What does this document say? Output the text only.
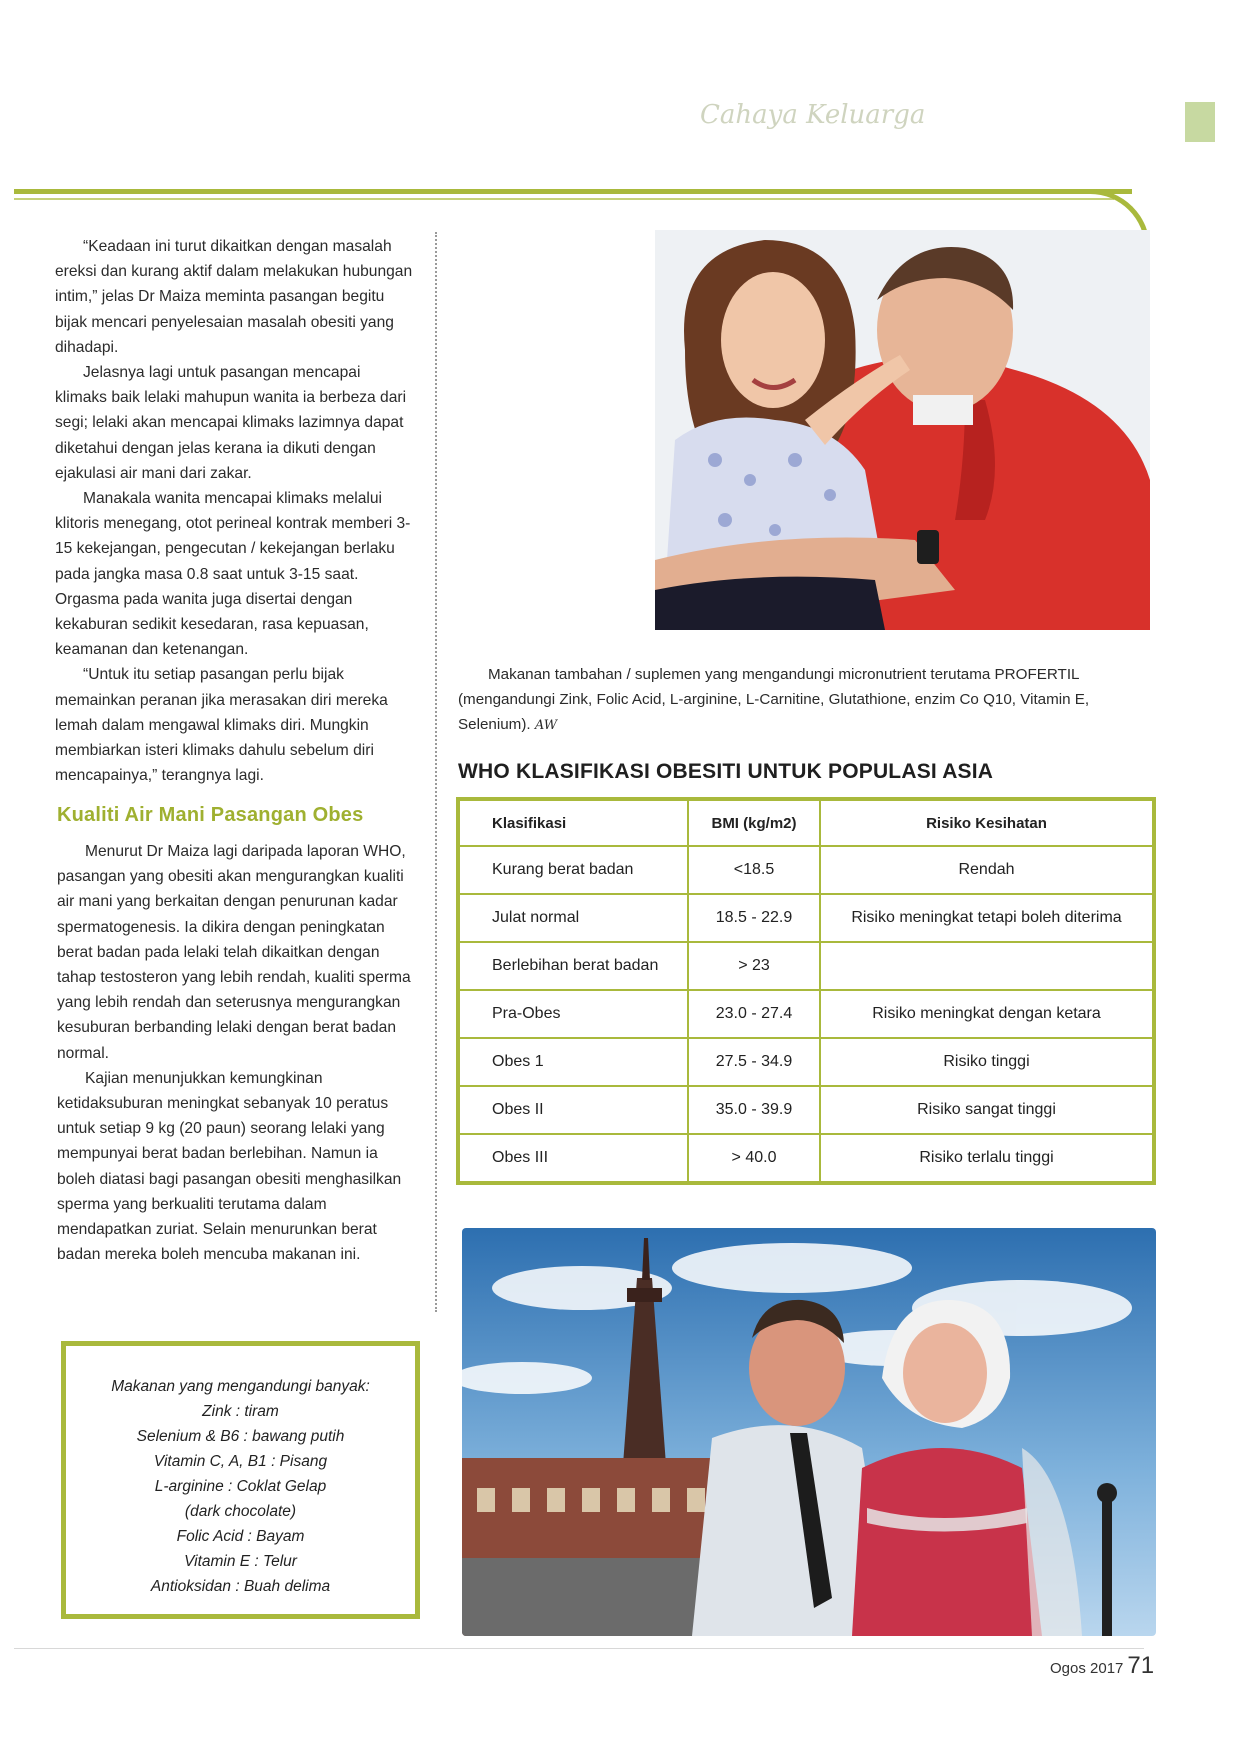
Cahaya Keluarga

“Keadaan ini turut dikaitkan dengan masalah ereksi dan kurang aktif dalam melakukan hubungan intim,” jelas Dr Maiza meminta pasangan begitu bijak mencari penyelesaian masalah obesiti yang dihadapi.

Jelasnya lagi untuk pasangan mencapai klimaks baik lelaki mahupun wanita ia berbeza dari segi; lelaki akan mencapai klimaks lazimnya dapat diketahui dengan jelas kerana ia dikuti dengan ejakulasi air mani dari zakar.

Manakala wanita mencapai klimaks melalui klitoris menegang, otot perineal kontrak memberi 3-15 kekejangan, pengecutan / kekejangan berlaku pada jangka masa 0.8 saat untuk 3-15 saat. Orgasma pada wanita juga disertai dengan kekaburan sedikit kesedaran, rasa kepuasan, keamanan dan ketenangan.

“Untuk itu setiap pasangan perlu bijak memainkan peranan jika merasakan diri mereka lemah dalam mengawal klimaks diri. Mungkin membiarkan isteri klimaks dahulu sebelum diri mencapainya,” terangnya lagi.

Kualiti Air Mani Pasangan Obes

Menurut Dr Maiza lagi daripada laporan WHO, pasangan yang obesiti akan mengurangkan kualiti air mani yang berkaitan dengan penurunan kadar spermatogenesis. Ia dikira dengan peningkatan berat badan pada lelaki telah dikaitkan dengan tahap testosteron yang lebih rendah, kualiti sperma yang lebih rendah dan seterusnya mengurangkan kesuburan berbanding lelaki dengan berat badan normal.

Kajian menunjukkan kemungkinan ketidaksuburan meningkat sebanyak 10 peratus untuk setiap 9 kg (20 paun) seorang lelaki yang mempunyai berat badan berlebihan. Namun ia boleh diatasi bagi pasangan obesiti menghasilkan sperma yang berkualiti terutama dalam mendapatkan zuriat. Selain menurunkan berat badan mereka boleh mencuba makanan ini.

Makanan yang mengandungi banyak:
Zink : tiram
Selenium & B6 : bawang putih
Vitamin C, A, B1 : Pisang
L-arginine : Coklat Gelap
(dark chocolate)
Folic Acid : Bayam
Vitamin E : Telur
Antioksidan : Buah delima
Makanan tambahan / suplemen yang mengandungi micronutrient terutama PROFERTIL (mengandungi Zink, Folic Acid, L-arginine, L-Carnitine, Glutathione, enzim Co Q10, Vitamin E, Selenium). AW
WHO KLASIFIKASI OBESITI UNTUK POPULASI ASIA
Klasifikasi	BMI (kg/m2)	Risiko Kesihatan
Kurang berat badan	<18.5	Rendah
Julat normal	18.5 - 22.9	Risiko meningkat tetapi boleh diterima
Berlebihan berat badan	> 23	
Pra-Obes	23.0 - 27.4	Risiko meningkat dengan ketara
Obes 1	27.5 - 34.9	Risiko tinggi
Obes II	35.0 - 39.9	Risiko sangat tinggi
Obes III	> 40.0	Risiko terlalu tinggi
Ogos 2017 71
